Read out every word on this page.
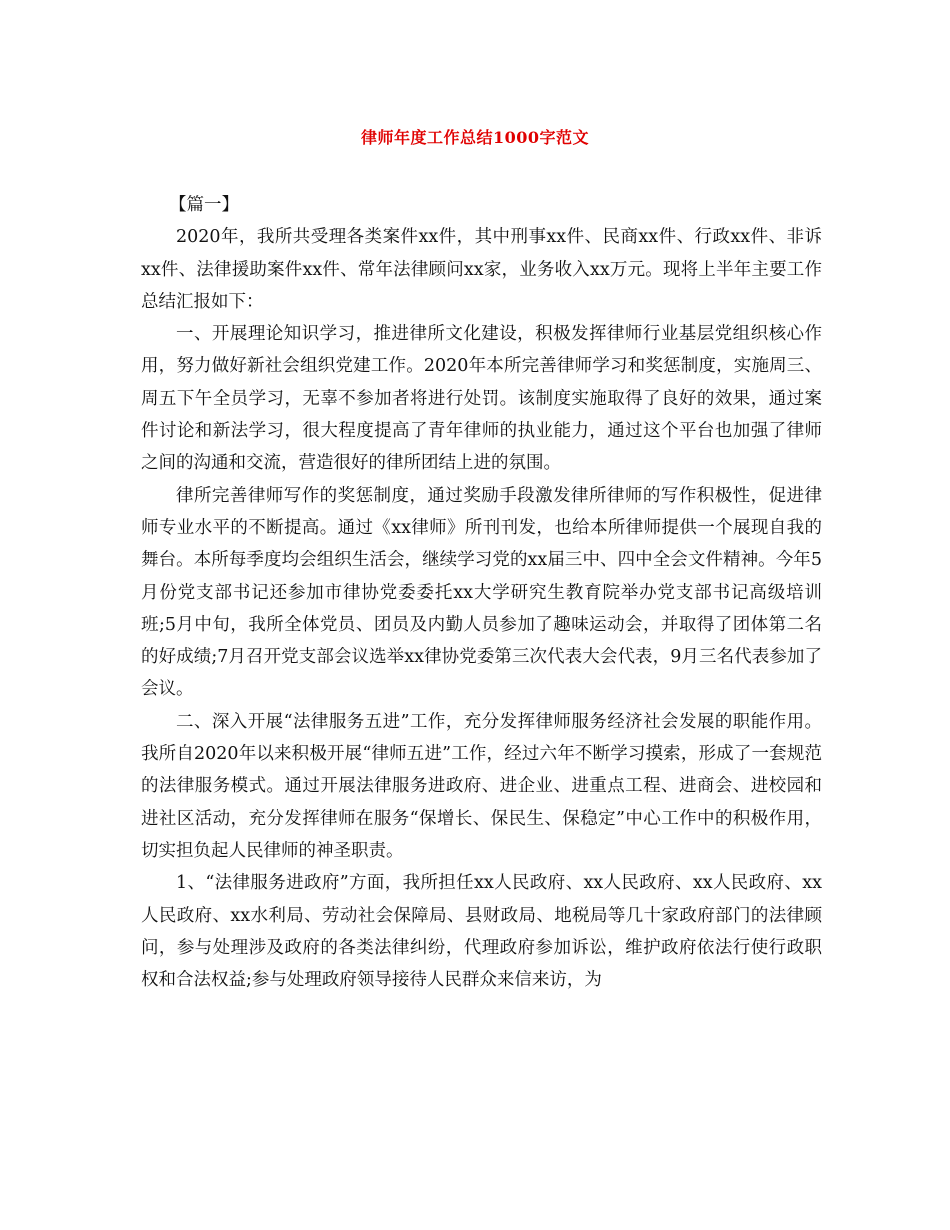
律师年度工作总结1000字范文

【篇一】

2020年，我所共受理各类案件xx件，其中刑事xx件、民商xx件、行政xx件、非诉xx件、法律援助案件xx件、常年法律顾问xx家，业务收入xx万元。现将上半年主要工作总结汇报如下：

一、开展理论知识学习，推进律所文化建设，积极发挥律师行业基层党组织核心作用，努力做好新社会组织党建工作。2020年本所完善律师学习和奖惩制度，实施周三、周五下午全员学习，无辜不参加者将进行处罚。该制度实施取得了良好的效果，通过案件讨论和新法学习，很大程度提高了青年律师的执业能力，通过这个平台也加强了律师之间的沟通和交流，营造很好的律所团结上进的氛围。

律所完善律师写作的奖惩制度，通过奖励手段激发律所律师的写作积极性，促进律师专业水平的不断提高。通过《xx律师》所刊刊发，也给本所律师提供一个展现自我的舞台。本所每季度均会组织生活会，继续学习党的xx届三中、四中全会文件精神。今年5月份党支部书记还参加市律协党委委托xx大学研究生教育院举办党支部书记高级培训班;5月中旬，我所全体党员、团员及内勤人员参加了趣味运动会，并取得了团体第二名的好成绩;7月召开党支部会议选举xx律协党委第三次代表大会代表，9月三名代表参加了会议。

二、深入开展“法律服务五进”工作，充分发挥律师服务经济社会发展的职能作用。我所自2020年以来积极开展“律师五进”工作，经过六年不断学习摸索，形成了一套规范的法律服务模式。通过开展法律服务进政府、进企业、进重点工程、进商会、进校园和进社区活动，充分发挥律师在服务“保增长、保民生、保稳定”中心工作中的积极作用，切实担负起人民律师的神圣职责。

1、“法律服务进政府”方面，我所担任xx人民政府、xx人民政府、xx人民政府、xx人民政府、xx水利局、劳动社会保障局、县财政局、地税局等几十家政府部门的法律顾问，参与处理涉及政府的各类法律纠纷，代理政府参加诉讼，维护政府依法行使行政职权和合法权益;参与处理政府领导接待人民群众来信来访，为
